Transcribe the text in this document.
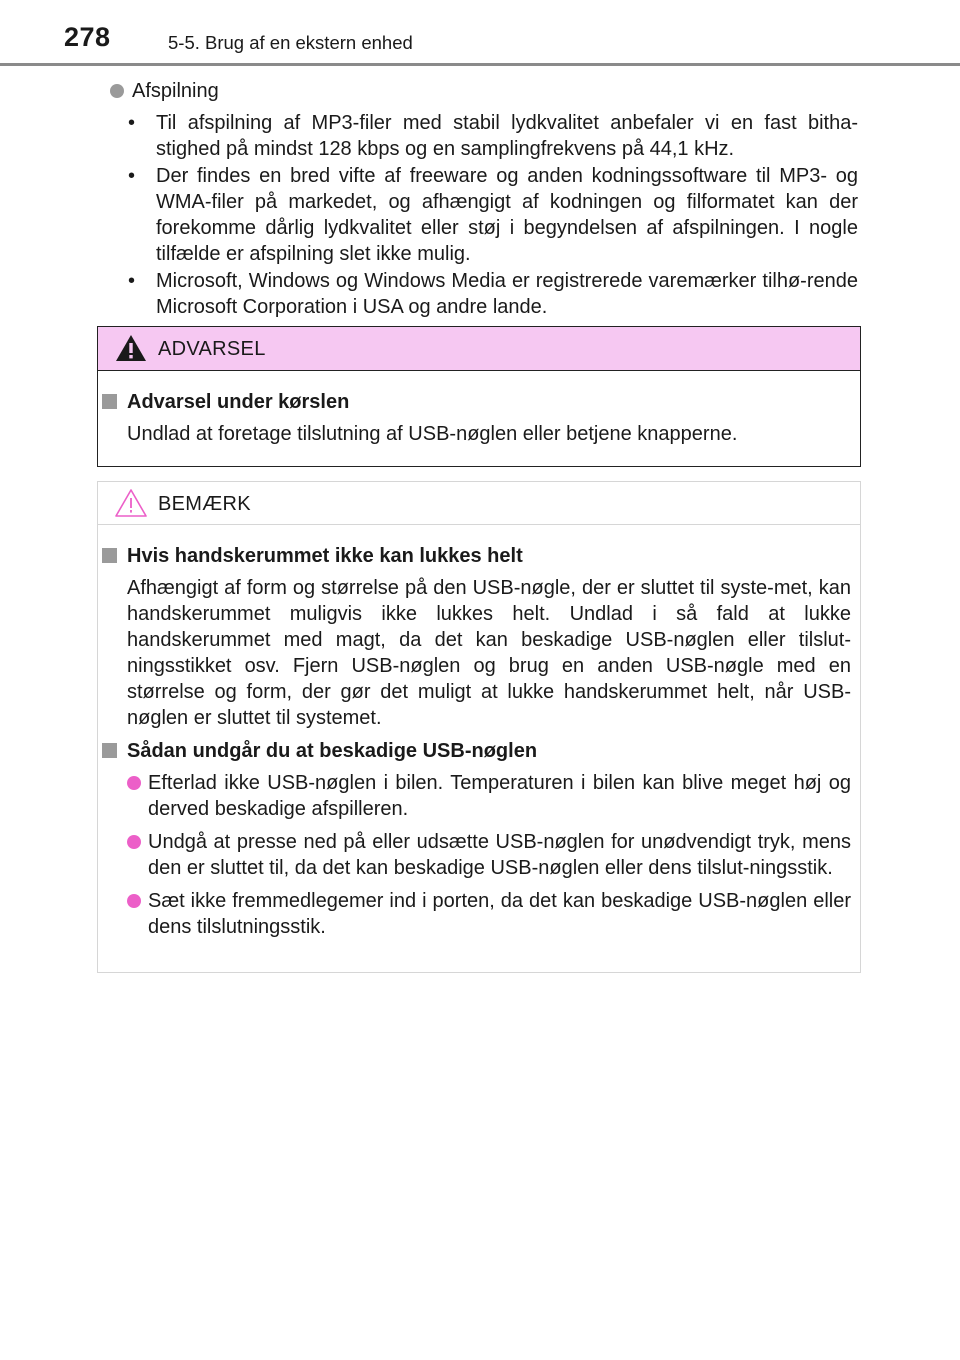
278	5-5. Brug af en ekstern enhed
Afspilning
• Til afspilning af MP3-filer med stabil lydkvalitet anbefaler vi en fast bitha-stighed på mindst 128 kbps og en samplingfrekvens på 44,1 kHz.
• Der findes en bred vifte af freeware og anden kodningssoftware til MP3- og WMA-filer på markedet, og afhængigt af kodningen og filformatet kan der forekomme dårlig lydkvalitet eller støj i begyndelsen af afspilningen. I nogle tilfælde er afspilning slet ikke mulig.
• Microsoft, Windows og Windows Media er registrerede varemærker tilhø-rende Microsoft Corporation i USA og andre lande.
ADVARSEL
Advarsel under kørslen
Undlad at foretage tilslutning af USB-nøglen eller betjene knapperne.
BEMÆRK
Hvis handskerummet ikke kan lukkes helt
Afhængigt af form og størrelse på den USB-nøgle, der er sluttet til syste-met, kan handskerummet muligvis ikke lukkes helt. Undlad i så fald at lukke handskerummet med magt, da det kan beskadige USB-nøglen eller tilslut-ningsstikket osv. Fjern USB-nøglen og brug en anden USB-nøgle med en størrelse og form, der gør det muligt at lukke handskerummet helt, når USB-nøglen er sluttet til systemet.
Sådan undgår du at beskadige USB-nøglen
Efterlad ikke USB-nøglen i bilen. Temperaturen i bilen kan blive meget høj og derved beskadige afspilleren.
Undgå at presse ned på eller udsætte USB-nøglen for unødvendigt tryk, mens den er sluttet til, da det kan beskadige USB-nøglen eller dens tilslut-ningsstik.
Sæt ikke fremmedlegemer ind i porten, da det kan beskadige USB-nøglen eller dens tilslutningsstik.
